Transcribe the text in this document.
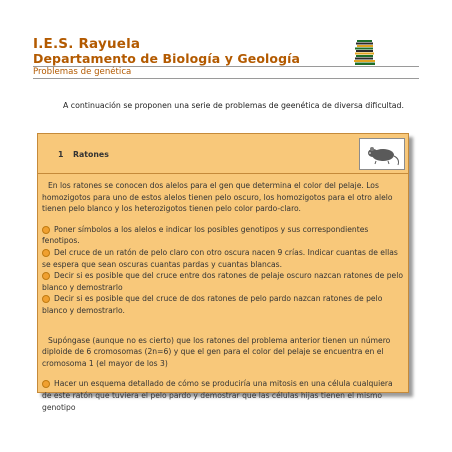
I.E.S. Rayuela
Departamento de Biología y Geología
Problemas de genética
A continuación se proponen una serie de problemas de geenética de diversa dificultad.
1 Ratones

En los ratones se conocen dos alelos para el gen que determina el color del pelaje. Los homozigotos para uno de estos alelos tienen pelo oscuro, los homozigotos para el otro alelo tienen pelo blanco y los heterozigotos tienen pelo color pardo-claro.

Poner símbolos a los alelos e indicar los posibles genotipos y sus correspondientes fenotipos.

Del cruce de un ratón de pelo claro con otro oscura nacen 9 crías. Indicar cuantas de ellas se espera que sean oscuras cuantas pardas y cuantas blancas.

Decir si es posible que del cruce entre dos ratones de pelaje oscuro nazcan ratones de pelo blanco y demostrarlo

Decir si es posible que del cruce de dos ratones de pelo pardo nazcan ratones de pelo blanco y demostrarlo.

Supóngase (aunque no es cierto) que los ratones del problema anterior tienen un número diploide de 6 cromosomas (2n=6) y que el gen para el color del pelaje se encuentra en el cromosoma 1 (el mayor de los 3)

Hacer un esquema detallado de cómo se produciría una mitosis en una célula cualquiera de este ratón que tuviera el pelo pardo y demostrar que las células hijas tienen el mismo genotipo
